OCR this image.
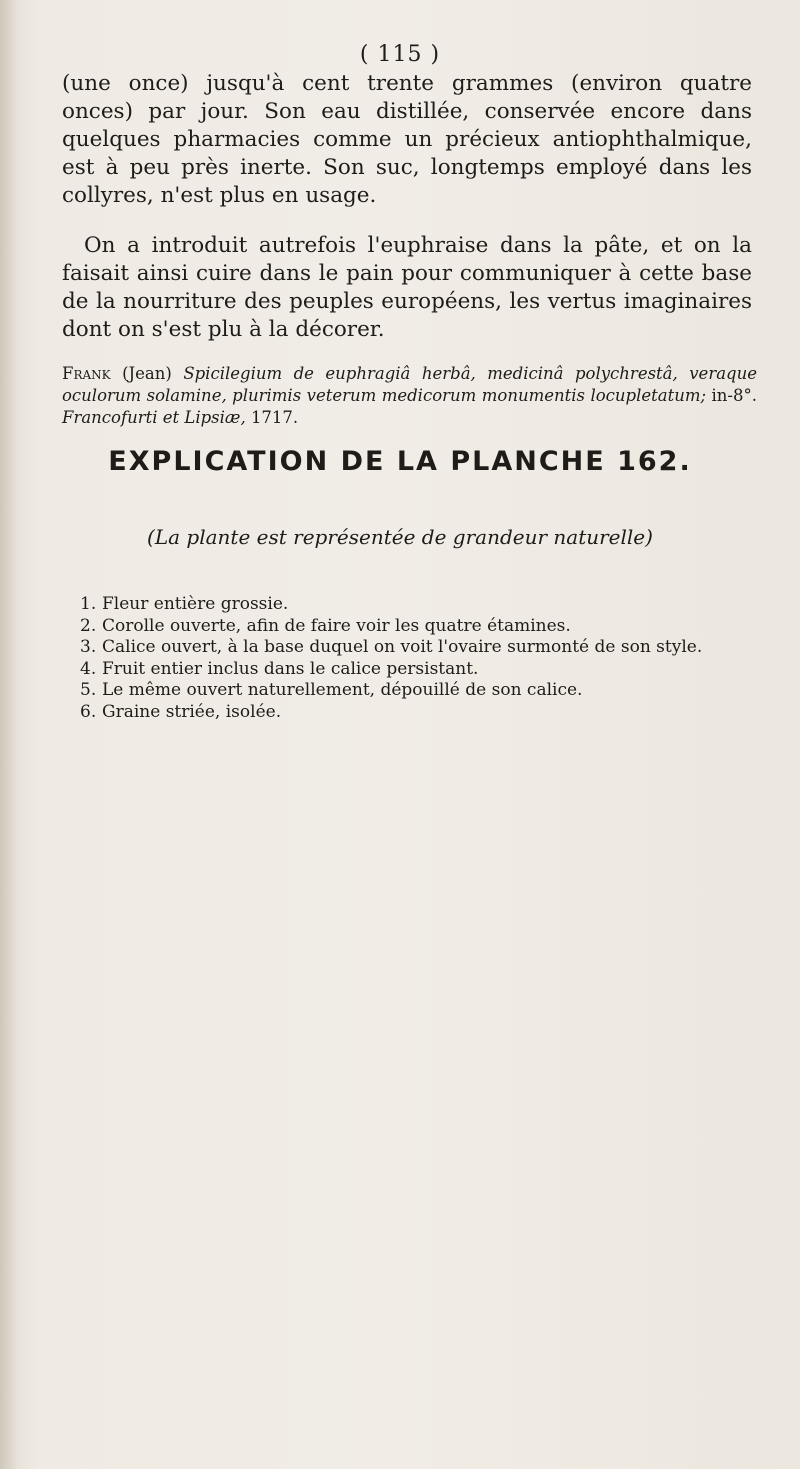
( 115 )
(une once) jusqu'à cent trente grammes (environ quatre onces) par jour. Son eau distillée, conservée encore dans quelques pharmacies comme un précieux antiophthalmique, est à peu près inerte. Son suc, longtemps employé dans les collyres, n'est plus en usage.
On a introduit autrefois l'euphraise dans la pâte, et on la faisait ainsi cuire dans le pain pour communiquer à cette base de la nourriture des peuples européens, les vertus imaginaires dont on s'est plu à la décorer.
Frank (Jean) Spicilegium de euphragiâ herbâ, medicinâ polychrestâ, veraque oculorum solamine, plurimis veterum medicorum monumentis locupletatum; in-8°. Francofurti et Lipsiæ, 1717.
EXPLICATION DE LA PLANCHE 162.
(La plante est représentée de grandeur naturelle)
1. Fleur entière grossie.
2. Corolle ouverte, afin de faire voir les quatre étamines.
3. Calice ouvert, à la base duquel on voit l'ovaire surmonté de son style.
4. Fruit entier inclus dans le calice persistant.
5. Le même ouvert naturellement, dépouillé de son calice.
6. Graine striée, isolée.
